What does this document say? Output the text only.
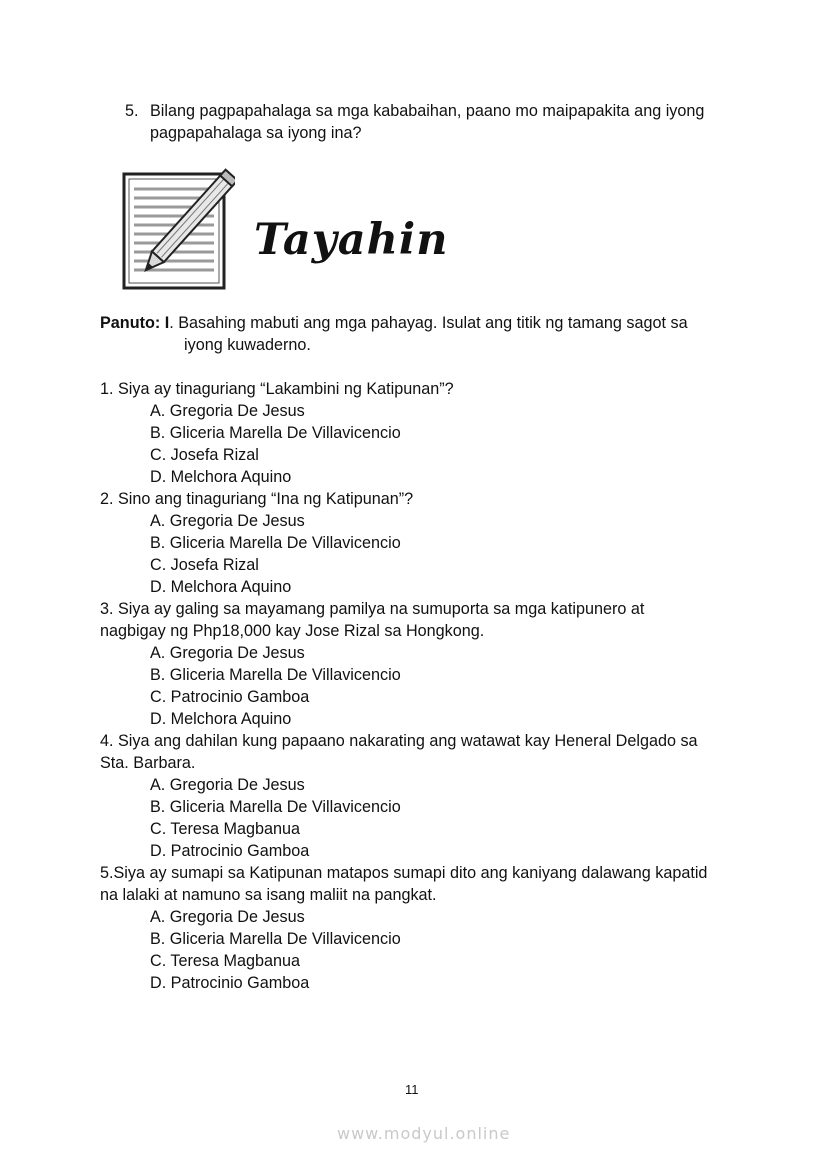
5. Bilang pagpapahalaga sa mga kababaihan, paano mo maipapakita ang iyong
pagpapahalaga sa iyong ina?
Tayahin
Panuto: I. Basahing mabuti ang mga pahayag. Isulat ang titik ng tamang sagot sa
iyong kuwaderno.
1. Siya ay tinaguriang “Lakambini ng Katipunan”?
A. Gregoria De Jesus
B. Gliceria Marella De Villavicencio
C. Josefa Rizal
D. Melchora Aquino
2. Sino ang tinaguriang “Ina ng Katipunan”?
A. Gregoria De Jesus
B. Gliceria Marella De Villavicencio
C. Josefa Rizal
D. Melchora Aquino
3. Siya ay galing sa mayamang pamilya na sumuporta sa mga katipunero at
nagbigay ng Php18,000 kay Jose Rizal sa Hongkong.
A. Gregoria De Jesus
B. Gliceria Marella De Villavicencio
C. Patrocinio Gamboa
D. Melchora Aquino
4. Siya ang dahilan kung papaano nakarating ang watawat kay Heneral Delgado sa
Sta. Barbara.
A. Gregoria De Jesus
B. Gliceria Marella De Villavicencio
C. Teresa Magbanua
D. Patrocinio Gamboa
5.Siya ay sumapi sa Katipunan matapos sumapi dito ang kaniyang dalawang kapatid
na lalaki at namuno sa isang maliit na pangkat.
A. Gregoria De Jesus
B. Gliceria Marella De Villavicencio
C. Teresa Magbanua
D. Patrocinio Gamboa
11
www.modyul.online
